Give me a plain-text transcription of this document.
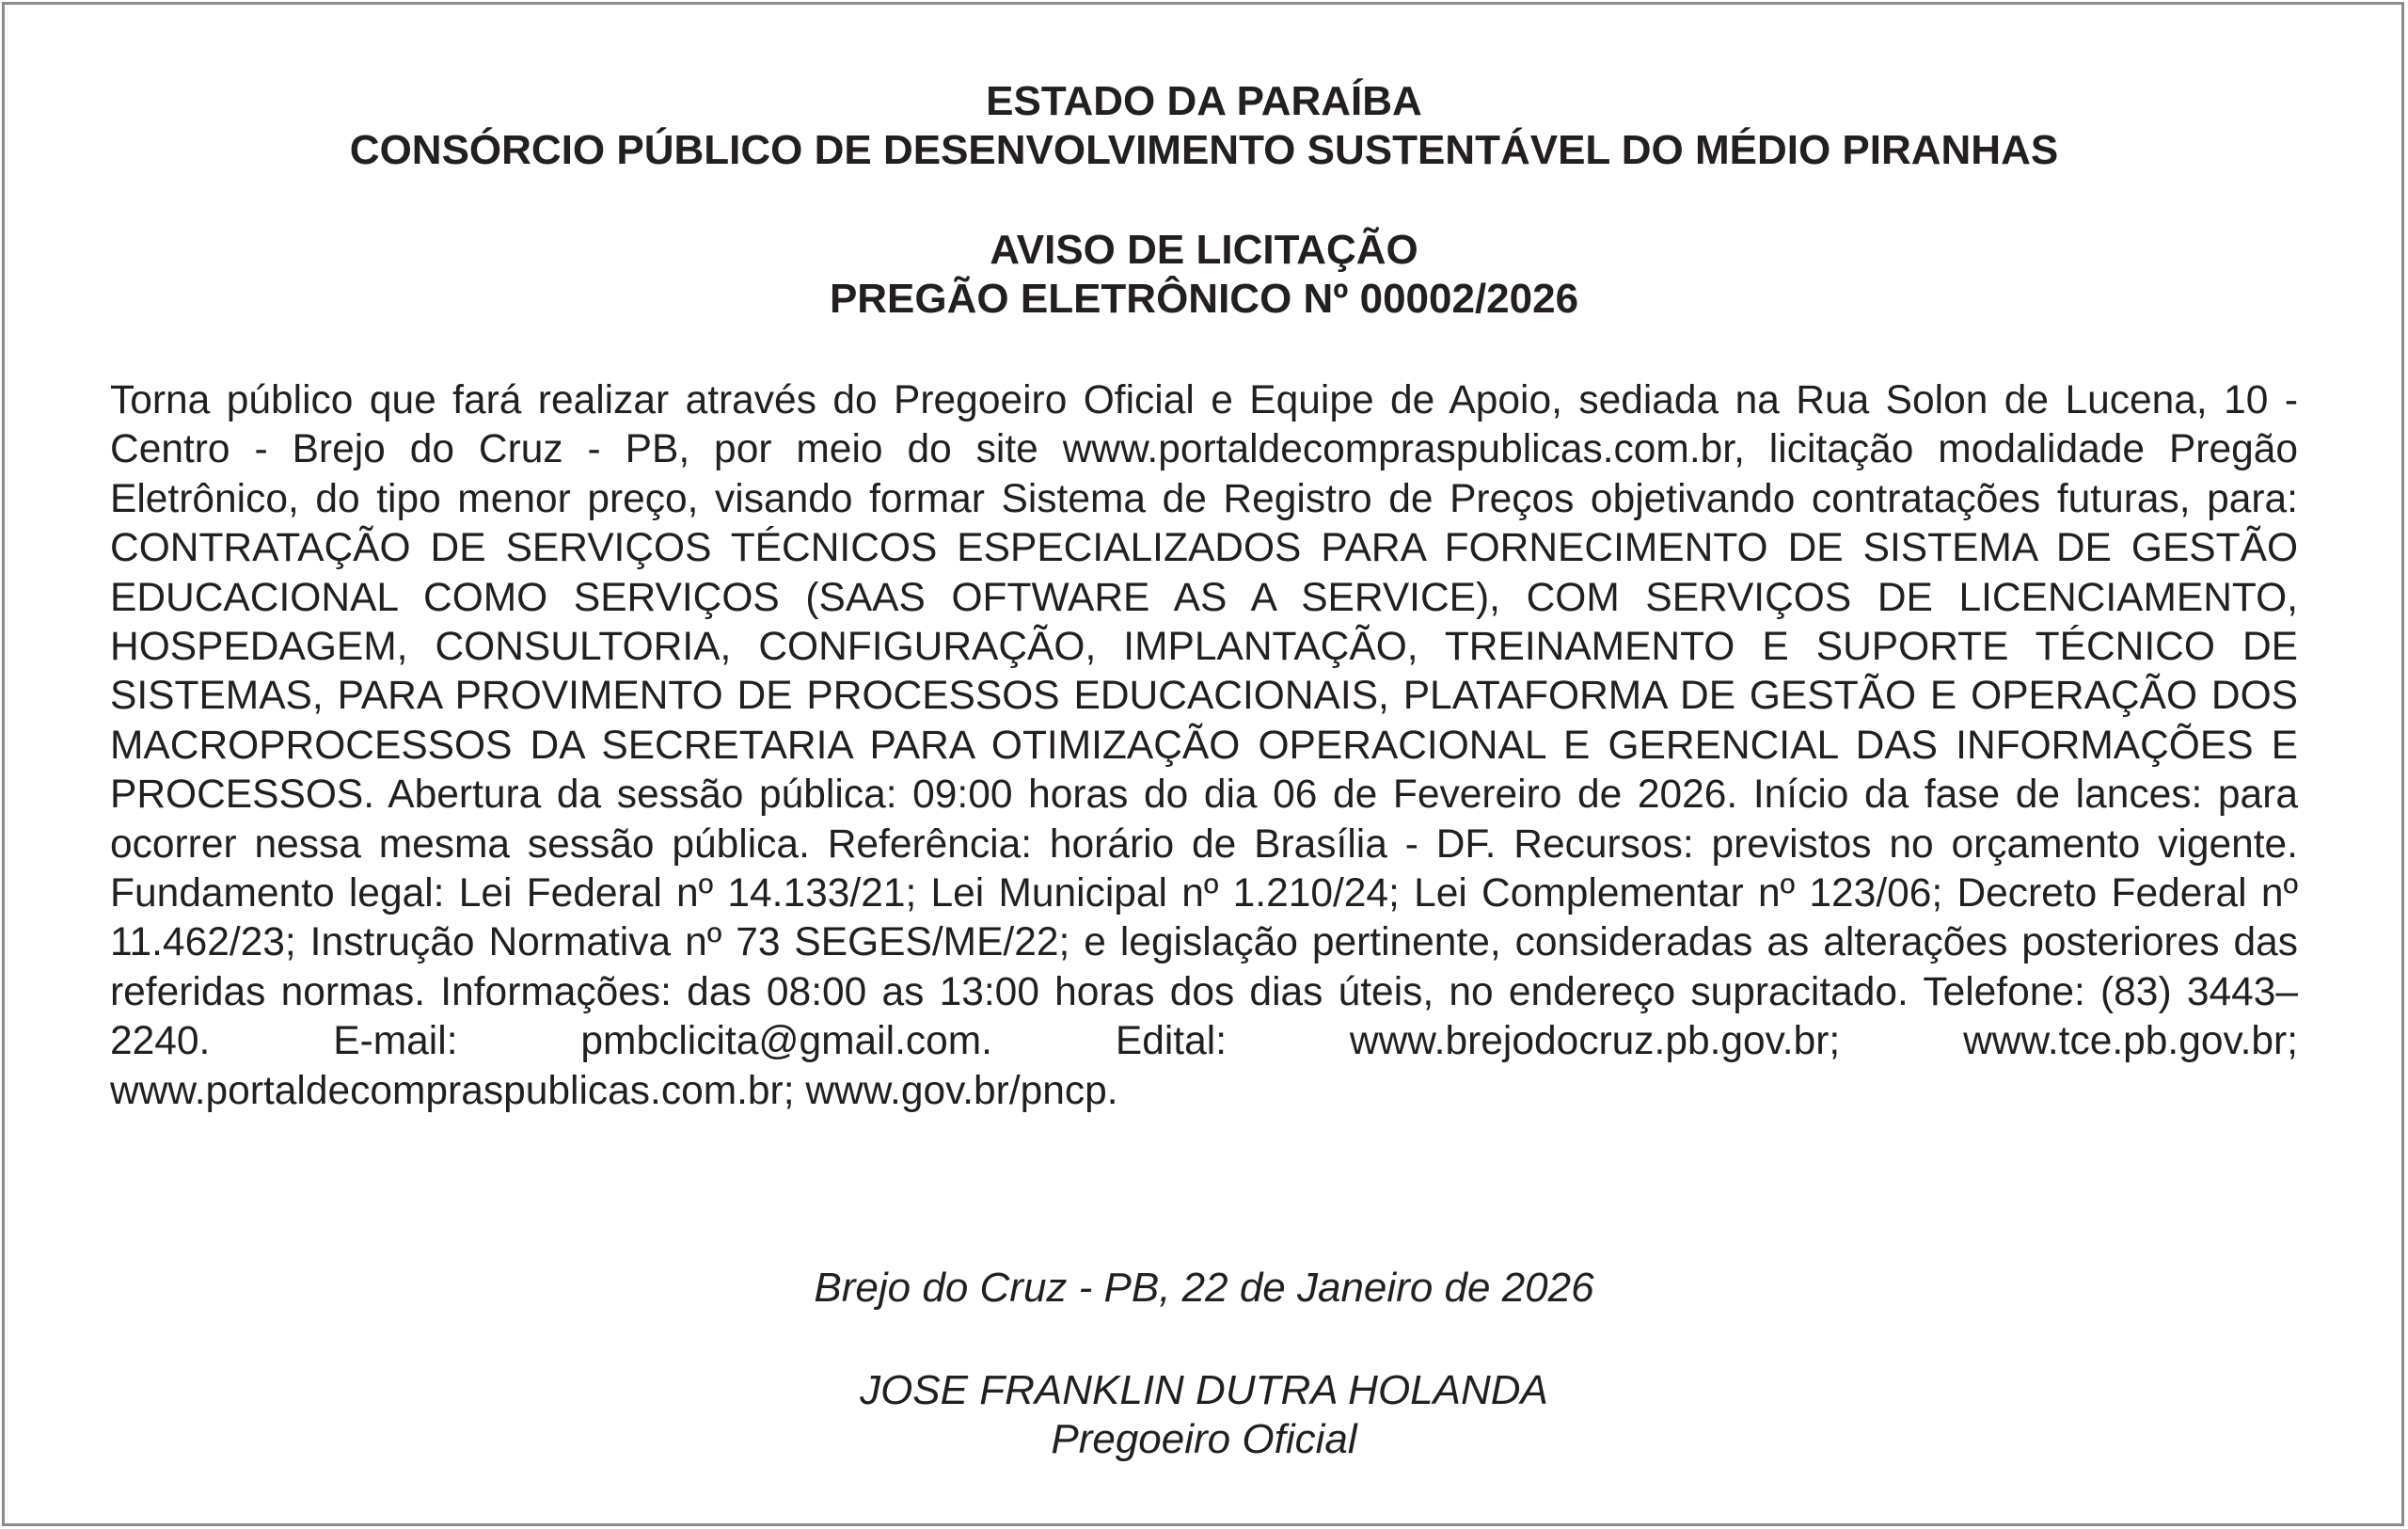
ESTADO DA PARAÍBA
CONSÓRCIO PÚBLICO DE DESENVOLVIMENTO SUSTENTÁVEL DO MÉDIO PIRANHAS
AVISO DE LICITAÇÃO
PREGÃO ELETRÔNICO Nº 00002/2026
Torna público que fará realizar através do Pregoeiro Oficial e Equipe de Apoio, sediada na Rua Solon de Lucena, 10 - Centro - Brejo do Cruz - PB, por meio do site www.portaldecompraspublicas.com.br, licitação modalidade Pregão Eletrônico, do tipo menor preço, visando formar Sistema de Registro de Preços objetivando contratações futuras, para: CONTRATAÇÃO DE SERVIÇOS TÉCNICOS ESPECIALIZADOS PARA FORNECIMENTO DE SISTEMA DE GESTÃO EDUCACIONAL COMO SERVIÇOS (SAAS OFTWARE AS A SERVICE), COM SERVIÇOS DE LICENCIAMENTO, HOSPEDAGEM, CONSULTORIA, CONFIGURAÇÃO, IMPLANTAÇÃO, TREINAMENTO E SUPORTE TÉCNICO DE SISTEMAS, PARA PROVIMENTO DE PROCESSOS EDUCACIONAIS, PLATAFORMA DE GESTÃO E OPERAÇÃO DOS MACROPROCESSOS DA SECRETARIA PARA OTIMIZAÇÃO OPERACIONAL E GERENCIAL DAS INFORMAÇÕES E PROCESSOS. Abertura da sessão pública: 09:00 horas do dia 06 de Fevereiro de 2026. Início da fase de lances: para ocorrer nessa mesma sessão pública. Referência: horário de Brasília - DF. Recursos: previstos no orçamento vigente. Fundamento legal: Lei Federal nº 14.133/21; Lei Municipal nº 1.210/24; Lei Complementar nº 123/06; Decreto Federal nº 11.462/23; Instrução Normativa nº 73 SEGES/ME/22; e legislação pertinente, consideradas as alterações posteriores das referidas normas. Informações: das 08:00 as 13:00 horas dos dias úteis, no endereço supracitado. Telefone: (83) 3443–2240. E-mail: pmbclicita@gmail.com. Edital: www.brejodocruz.pb.gov.br; www.tce.pb.gov.br; www.portaldecompraspublicas.com.br; www.gov.br/pncp.
Brejo do Cruz - PB, 22 de Janeiro de 2026
JOSE FRANKLIN DUTRA HOLANDA
Pregoeiro Oficial
